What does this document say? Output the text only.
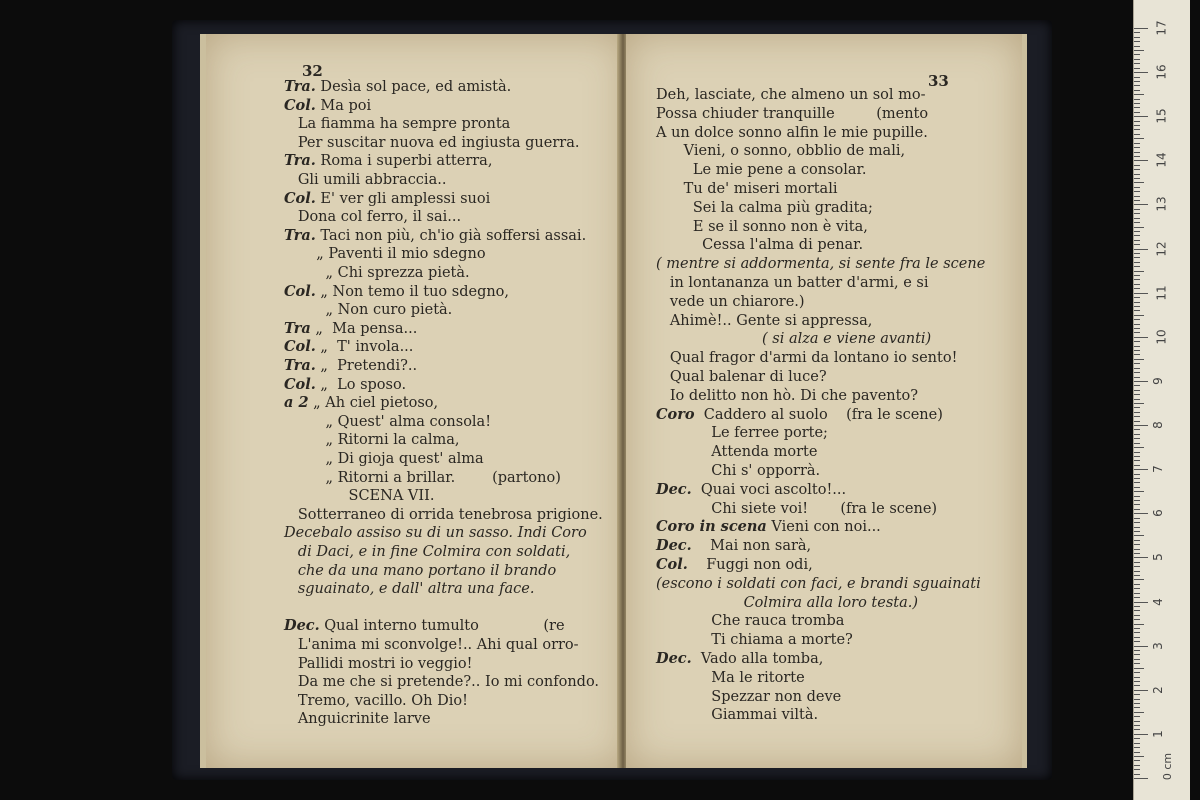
32
Tra. Desìa sol pace, ed amistà.
Col. Ma poi
La fiamma ha sempre pronta
Per suscitar nuova ed ingiusta guerra.
Tra. Roma i superbi atterra,
Gli umili abbraccia..
Col. E' ver gli amplessi suoi
Dona col ferro, il sai...
Tra. Taci non più, ch'io già soffersi assai.
„ Paventi il mio sdegno
„ Chi sprezza pietà.
Col. „ Non temo il tuo sdegno,
„ Non curo pietà.
Tra „  Ma pensa...
Col. „  T' invola...
Tra. „  Pretendi?..
Col. „  Lo sposo.
a 2 „ Ah ciel pietoso,
„ Quest' alma consola!
„ Ritorni la calma,
„ Di gioja quest' alma
„ Ritorni a brillar.        (partono)
SCENA VII.
Sotterraneo di orrida tenebrosa prigione.
Decebalo assiso su di un sasso. Indi Coro
di Daci, e in fine Colmira con soldati,
che da una mano portano il brando
sguainato, e dall' altra una face.
Dec. Qual interno tumulto              (re
L'anima mi sconvolge!.. Ahi qual orro-
Pallidi mostri io veggio!
Da me che si pretende?.. Io mi confondo.
Tremo, vacillo. Oh Dio!
Anguicrinite larve
33
Deh, lasciate, che almeno un sol mo-
Possa chiuder tranquille         (mento
A un dolce sonno alfin le mie pupille.
Vieni, o sonno, obblio de mali,
Le mie pene a consolar.
Tu de' miseri mortali
Sei la calma più gradita;
E se il sonno non è vita,
Cessa l'alma di penar.
( mentre si addormenta, si sente fra le scene
in lontananza un batter d'armi, e si
vede un chiarore.)
Ahimè!.. Gente si appressa,
( si alza e viene avanti)
Qual fragor d'armi da lontano io sento!
Qual balenar di luce?
Io delitto non hò. Di che pavento?
Coro  Caddero al suolo    (fra le scene)
Le ferree porte;
Attenda morte
Chi s' opporrà.
Dec.  Quai voci ascolto!...
Chi siete voi!       (fra le scene)
Coro in scena Vieni con noi...
Dec.    Mai non sarà,
Col.    Fuggi non odi,
(escono i soldati con faci, e brandi sguainati
Colmira alla loro testa.)
Che rauca tromba
Ti chiama a morte?
Dec.  Vado alla tomba,
Ma le ritorte
Spezzar non deve
Giammai viltà.
17
16
15
14
13
12
11
10
9
8
7
6
5
4
3
2
1
0 cm
